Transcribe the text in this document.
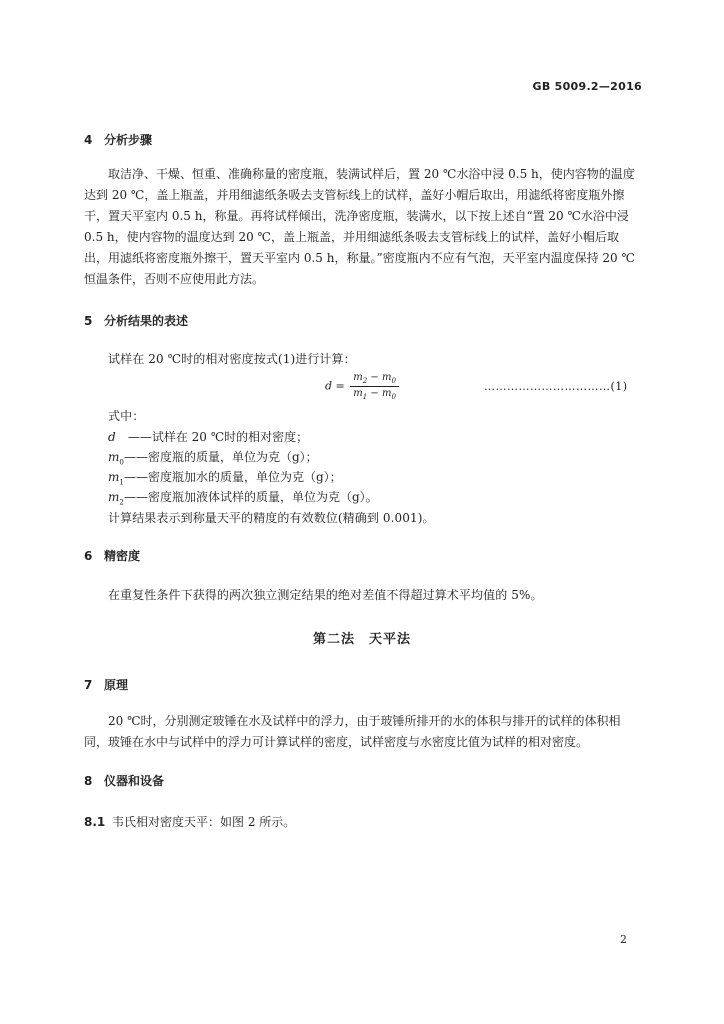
GB 5009.2—2016
4 分析步骤
取洁净、干燥、恒重、准确称量的密度瓶，装满试样后，置 20 ℃水浴中浸 0.5 h，使内容物的温度达到 20 ℃，盖上瓶盖，并用细滤纸条吸去支管标线上的试样，盖好小帽后取出，用滤纸将密度瓶外擦干，置天平室内 0.5 h，称量。再将试样倾出，洗净密度瓶，装满水，以下按上述自“置 20 ℃水浴中浸 0.5 h，使内容物的温度达到 20 ℃，盖上瓶盖，并用细滤纸条吸去支管标线上的试样，盖好小帽后取出，用滤纸将密度瓶外擦干，置天平室内 0.5 h，称量。”密度瓶内不应有气泡，天平室内温度保持 20 ℃恒温条件，否则不应使用此方法。
5 分析结果的表述
试样在 20 ℃时的相对密度按式(1)进行计算：
$d = \frac{m_2 - m_0}{m_1 - m_0}$	……………………………(1)
式中：
d ——试样在 20 ℃时的相对密度；
$m_0——$密度瓶的质量，单位为克（g）；
$m_1——$密度瓶加水的质量，单位为克（g）；
$m_2——$密度瓶加液体试样的质量，单位为克（g）。
计算结果表示到称量天平的精度的有效数位(精确到 0.001)。
6 精密度
在重复性条件下获得的两次独立测定结果的绝对差值不得超过算术平均值的 5%。
第二法　天平法
7 原理
20 ℃时，分别测定玻锤在水及试样中的浮力，由于玻锤所排开的水的体积与排开的试样的体积相同，玻锤在水中与试样中的浮力可计算试样的密度，试样密度与水密度比值为试样的相对密度。
8 仪器和设备
8.1 韦氏相对密度天平：如图 2 所示。
2
